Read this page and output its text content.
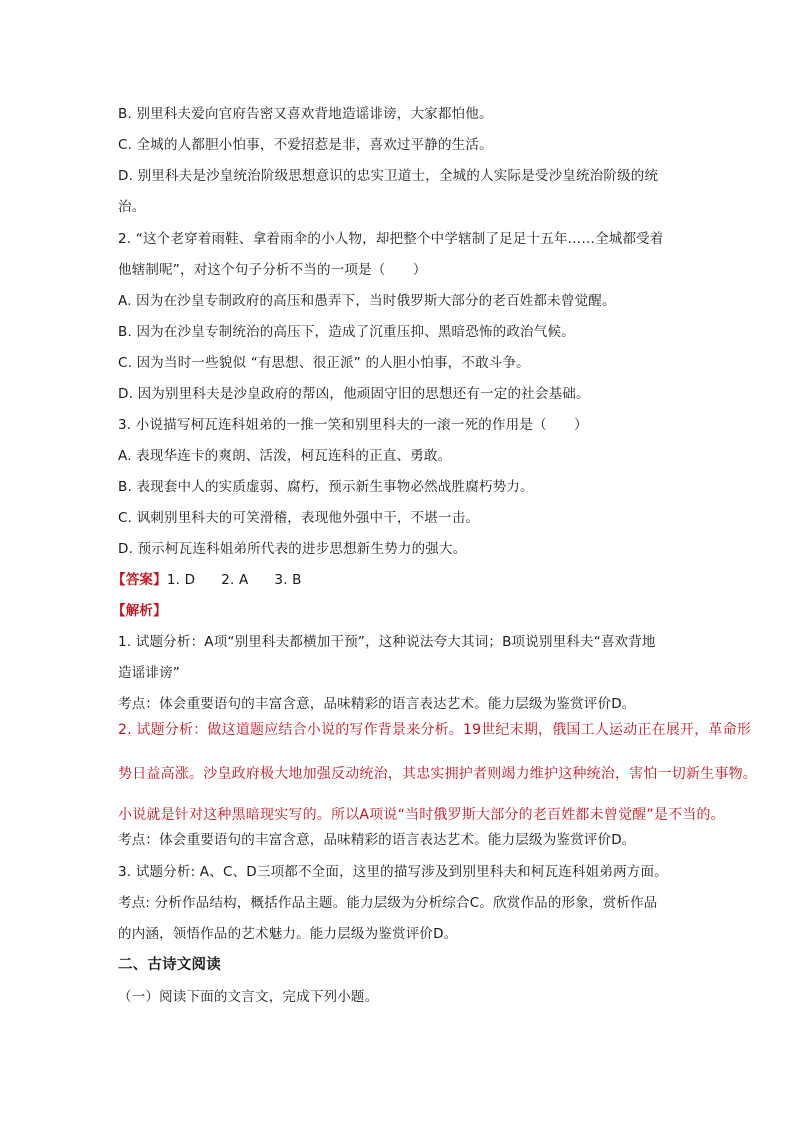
B. 别里科夫爱向官府告密又喜欢背地造谣诽谤，大家都怕他。

C. 全城的人都胆小怕事，不爱招惹是非，喜欢过平静的生活。

D. 别里科夫是沙皇统治阶级思想意识的忠实卫道士，全城的人实际是受沙皇统治阶级的统

治。

2. “这个老穿着雨鞋、拿着雨伞的小人物，却把整个中学辖制了足足十五年……全城都受着

他辖制呢”，对这个句子分析不当的一项是（　　）

A. 因为在沙皇专制政府的高压和愚弄下，当时俄罗斯大部分的老百姓都未曾觉醒。

B. 因为在沙皇专制统治的高压下，造成了沉重压抑、黑暗恐怖的政治气候。

C. 因为当时一些貌似 “有思想、很正派” 的人胆小怕事，不敢斗争。

D. 因为别里科夫是沙皇政府的帮凶，他顽固守旧的思想还有一定的社会基础。

3. 小说描写柯瓦连科姐弟的一推一笑和别里科夫的一滚一死的作用是（　　）

A. 表现华连卡的爽朗、活泼，柯瓦连科的正直、勇敢。

B. 表现套中人的实质虚弱、腐朽，预示新生事物必然战胜腐朽势力。

C. 讽刺别里科夫的可笑滑稽，表现他外强中干，不堪一击。

D. 预示柯瓦连科姐弟所代表的进步思想新生势力的强大。

【答案】1. D 2. A 3. B

【解析】

1. 试题分析：A项“别里科夫都横加干预”，这种说法夸大其词；B项说别里科夫“喜欢背地

造谣诽谤”

考点：体会重要语句的丰富含意，品味精彩的语言表达艺术。能力层级为鉴赏评价D。

2. 试题分析：做这道题应结合小说的写作背景来分析。19世纪末期，俄国工人运动正在展开，革命形

势日益高涨。沙皇政府极大地加强反动统治，其忠实拥护者则竭力维护这种统治，害怕一切新生事物。

小说就是针对这种黑暗现实写的。所以A项说“当时俄罗斯大部分的老百姓都未曾觉醒”是不当的。

考点：体会重要语句的丰富含意，品味精彩的语言表达艺术。能力层级为鉴赏评价D。

3. 试题分析: A、C、D三项都不全面，这里的描写涉及到别里科夫和柯瓦连科姐弟两方面。

考点: 分析作品结构，概括作品主题。能力层级为分析综合C。欣赏作品的形象，赏析作品

的内涵，领悟作品的艺术魅力。能力层级为鉴赏评价D。

二、古诗文阅读

（一）阅读下面的文言文，完成下列小题。
